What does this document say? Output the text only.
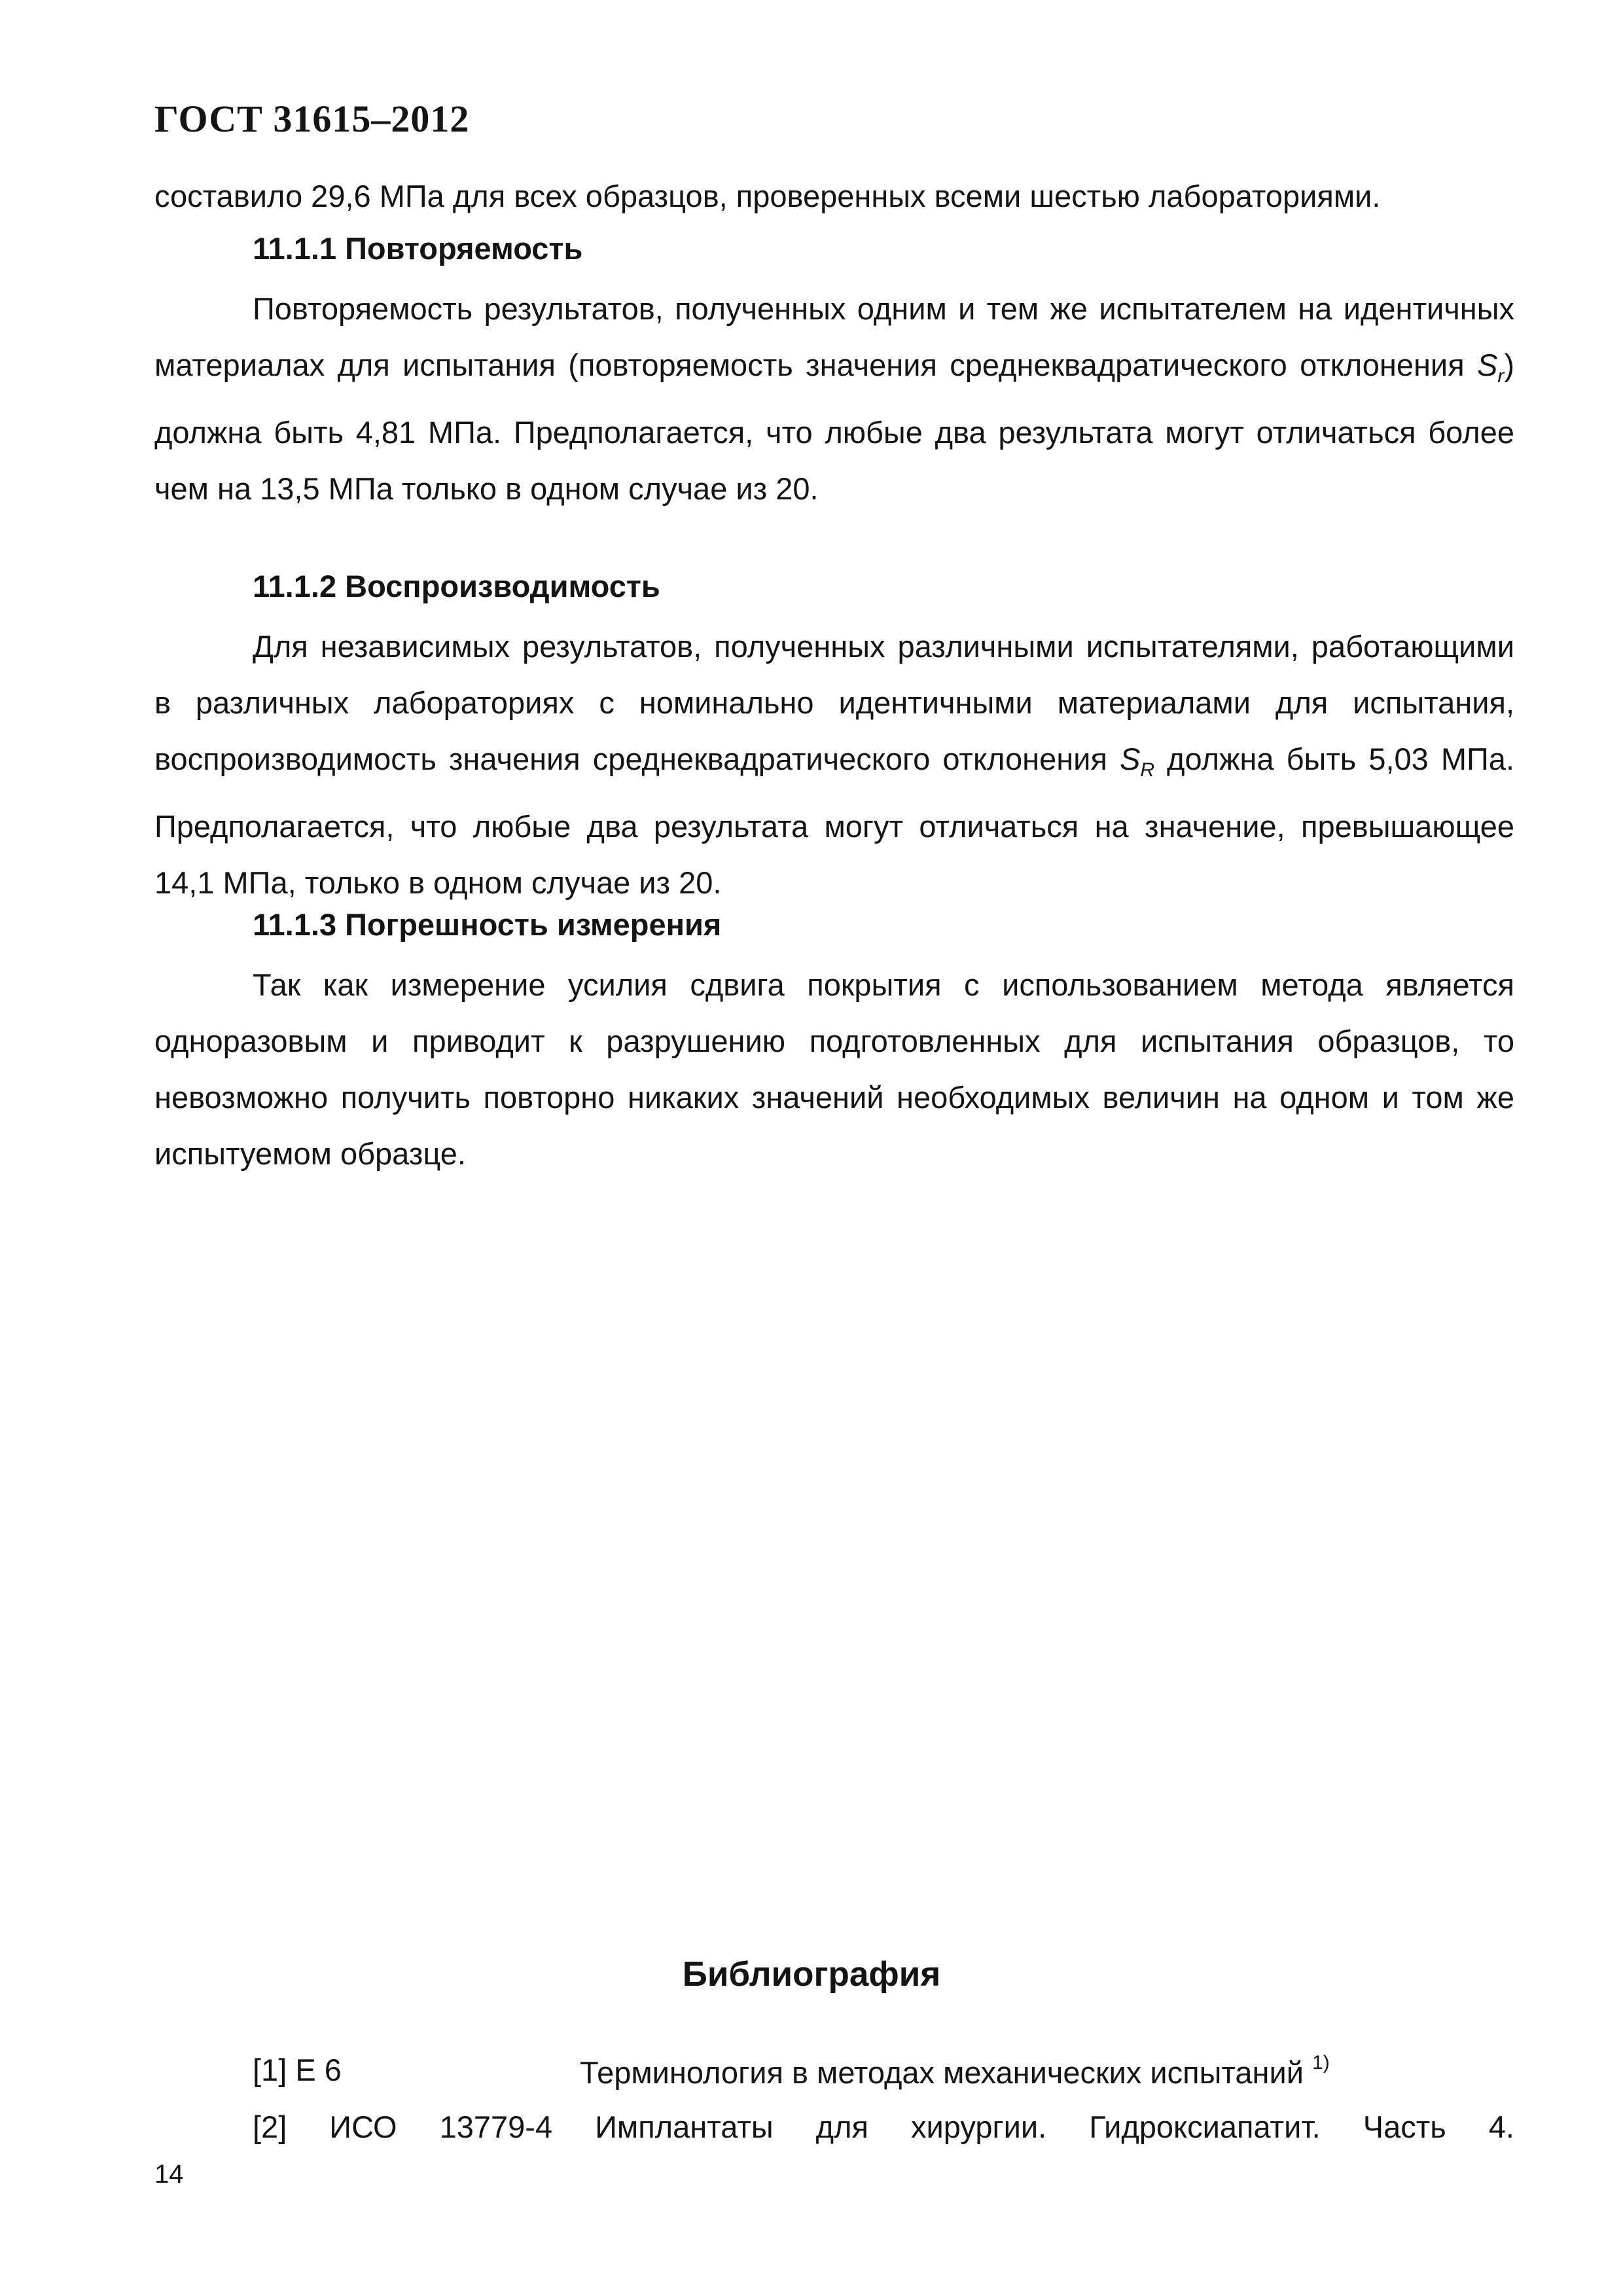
ГОСТ 31615–2012
составило 29,6 МПа для всех образцов, проверенных всеми шестью лабораториями.
11.1.1 Повторяемость
Повторяемость результатов, полученных одним и тем же испытателем на идентичных материалах для испытания (повторяемость значения среднеквадратического отклонения $S_r$) должна быть 4,81 МПа. Предполагается, что любые два результата могут отличаться более чем на 13,5 МПа только в одном случае из 20.
11.1.2 Воспроизводимость
Для независимых результатов, полученных различными испытателями, работающими в различных лабораториях с номинально идентичными материалами для испытания, воспроизводимость значения среднеквадратического отклонения $S_R$ должна быть 5,03 МПа. Предполагается, что любые два результата могут отличаться на значение, превышающее 14,1 МПа, только в одном случае из 20.
11.1.3 Погрешность измерения
Так как измерение усилия сдвига покрытия с использованием метода является одноразовым и приводит к разрушению подготовленных для испытания образцов, то невозможно получить повторно никаких значений необходимых величин на одном и том же испытуемом образце.
Библиография
[1] E 6	Терминология в методах механических испытаний $^{1)}$
[2] ИСО 13779-4 Имплантаты для хирургии. Гидроксиапатит. Часть 4.
14
